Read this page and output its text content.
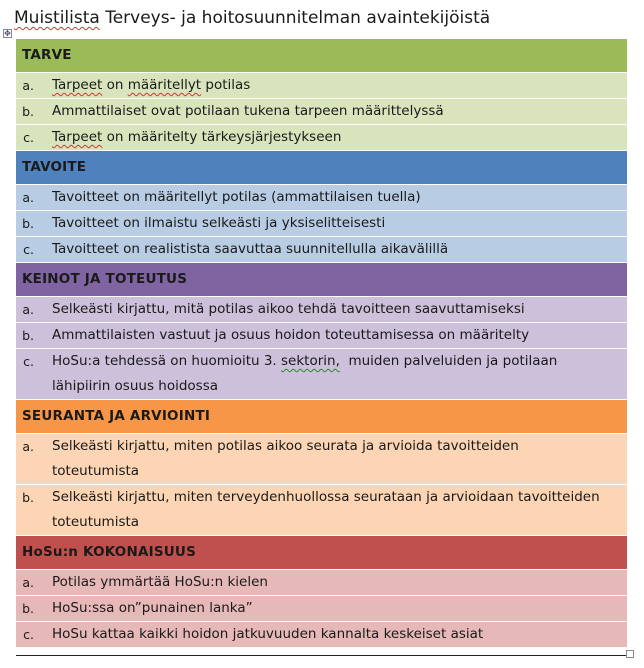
Muistilista Terveys- ja hoitosuunnitelman avaintekijöistä
✥
TARVE
a.	Tarpeet on määritellyt potilas
b.	Ammattilaiset ovat potilaan tukena tarpeen määrittelyssä
c.	Tarpeet on määritelty tärkeysjärjestykseen
TAVOITE
a.	Tavoitteet on määritellyt potilas (ammattilaisen tuella)
b.	Tavoitteet on ilmaistu selkeästi ja yksiselitteisesti
c.	Tavoitteet on realistista saavuttaa suunnitellulla aikavälillä
KEINOT JA TOTEUTUS
a.	Selkeästi kirjattu, mitä potilas aikoo tehdä tavoitteen saavuttamiseksi
b.	Ammattilaisten vastuut ja osuus hoidon toteuttamisessa on määritelty
c.	HoSu:a tehdessä on huomioitu 3. sektorin,  muiden palveluiden ja potilaan
lähipiirin osuus hoidossa
SEURANTA JA ARVIOINTI
a.	Selkeästi kirjattu, miten potilas aikoo seurata ja arvioida tavoitteiden
toteutumista
b.	Selkeästi kirjattu, miten terveydenhuollossa seurataan ja arvioidaan tavoitteiden
toteutumista
HoSu:n KOKONAISUUS
a.	Potilas ymmärtää HoSu:n kielen
b.	HoSu:ssa on”punainen lanka”
c.	HoSu kattaa kaikki hoidon jatkuvuuden kannalta keskeiset asiat
